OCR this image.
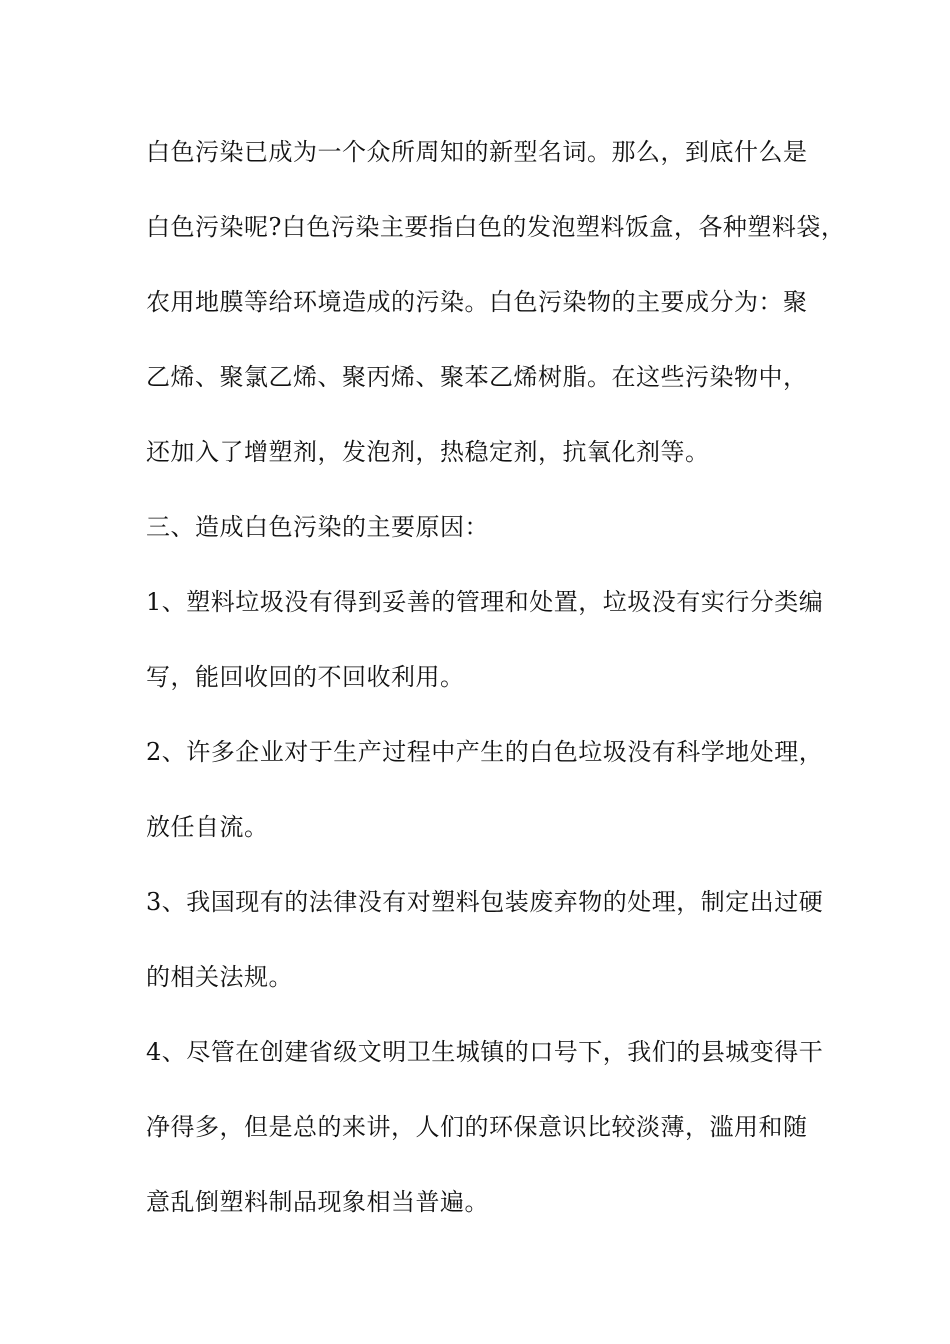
白色污染已成为一个众所周知的新型名词。那么，到底什么是
白色污染呢?白色污染主要指白色的发泡塑料饭盒，各种塑料袋，
农用地膜等给环境造成的污染。白色污染物的主要成分为：聚
乙烯、聚氯乙烯、聚丙烯、聚苯乙烯树脂。在这些污染物中，
还加入了增塑剂，发泡剂，热稳定剂，抗氧化剂等。
三、造成白色污染的主要原因：
1、塑料垃圾没有得到妥善的管理和处置，垃圾没有实行分类编
写，能回收回的不回收利用。
2、许多企业对于生产过程中产生的白色垃圾没有科学地处理，
放任自流。
3、我国现有的法律没有对塑料包装废弃物的处理，制定出过硬
的相关法规。
4、尽管在创建省级文明卫生城镇的口号下，我们的县城变得干
净得多，但是总的来讲，人们的环保意识比较淡薄，滥用和随
意乱倒塑料制品现象相当普遍。
